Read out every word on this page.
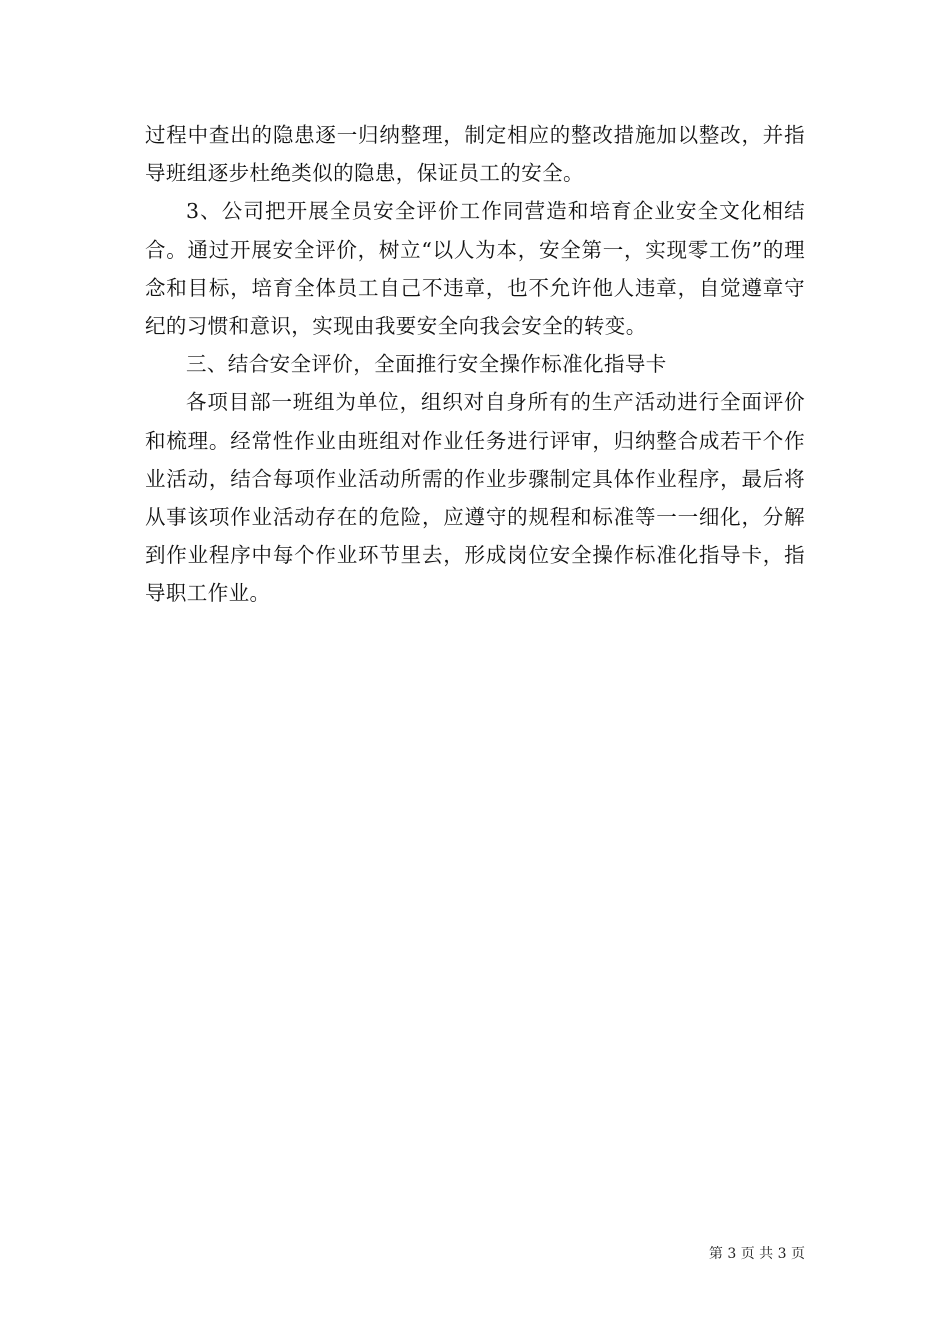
过程中查出的隐患逐一归纳整理，制定相应的整改措施加以整改，并指导班组逐步杜绝类似的隐患，保证员工的安全。

3、公司把开展全员安全评价工作同营造和培育企业安全文化相结合。通过开展安全评价，树立“以人为本，安全第一，实现零工伤”的理念和目标，培育全体员工自己不违章，也不允许他人违章，自觉遵章守纪的习惯和意识，实现由我要安全向我会安全的转变。

三、结合安全评价，全面推行安全操作标准化指导卡

各项目部一班组为单位，组织对自身所有的生产活动进行全面评价和梳理。经常性作业由班组对作业任务进行评审，归纳整合成若干个作业活动，结合每项作业活动所需的作业步骤制定具体作业程序，最后将从事该项作业活动存在的危险，应遵守的规程和标准等一一细化，分解到作业程序中每个作业环节里去，形成岗位安全操作标准化指导卡，指导职工作业。

第 3 页 共 3 页
